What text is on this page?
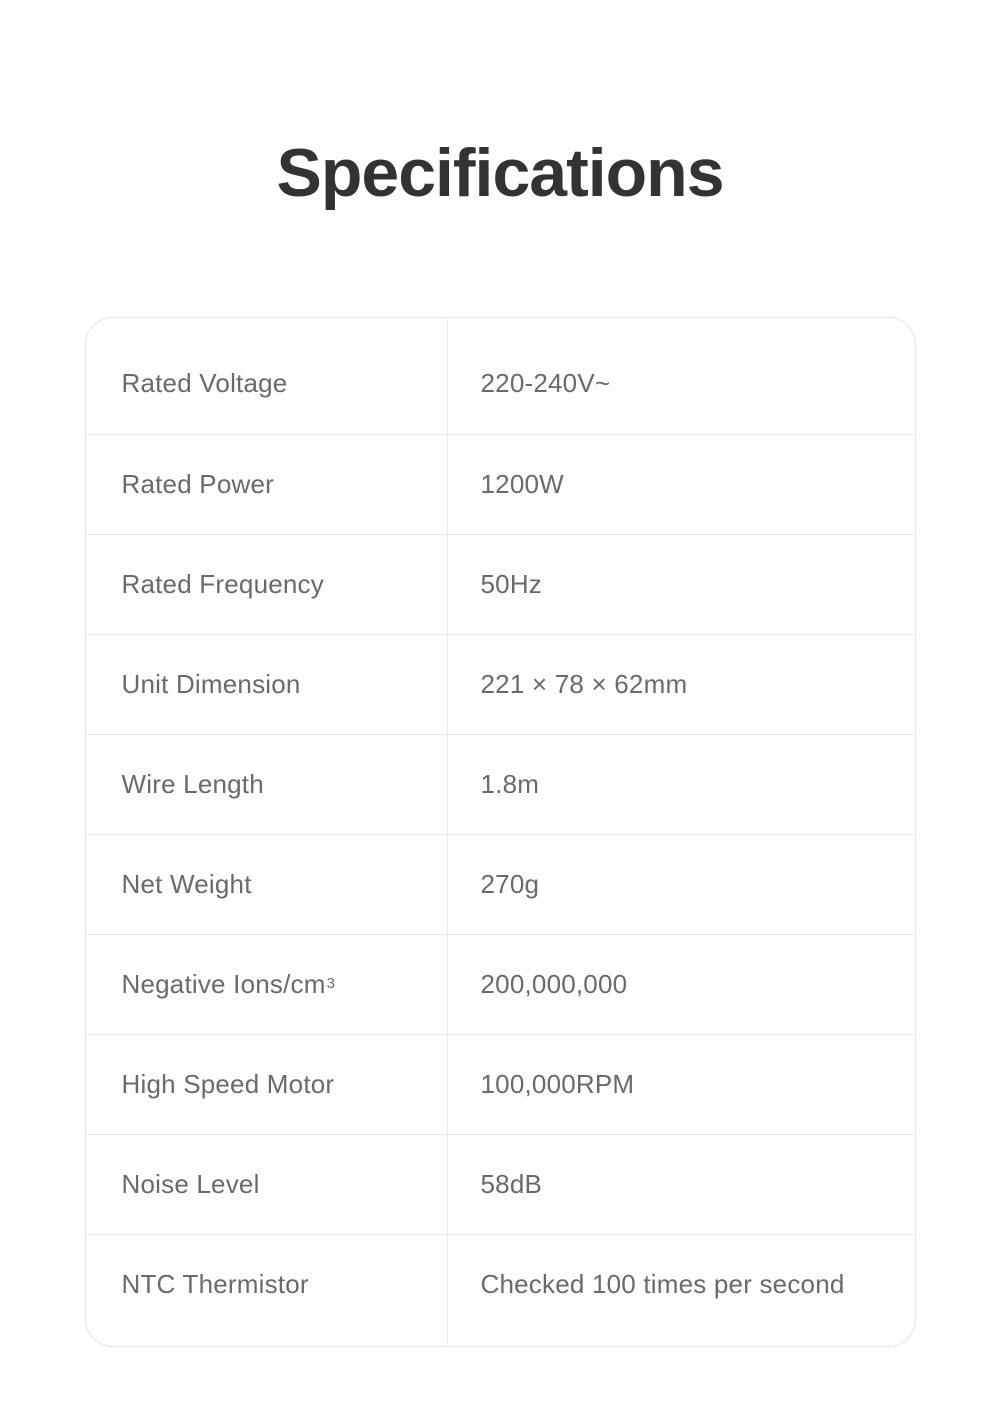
Specifications
Rated Voltage	220-240V~
Rated Power	1200W
Rated Frequency	50Hz
Unit Dimension	221 × 78 × 62mm
Wire Length	1.8m
Net Weight	270g
Negative Ions/cm 3	200,000,000
High Speed Motor	100,000RPM
Noise Level	58dB
NTC Thermistor	Checked 100 times per second
